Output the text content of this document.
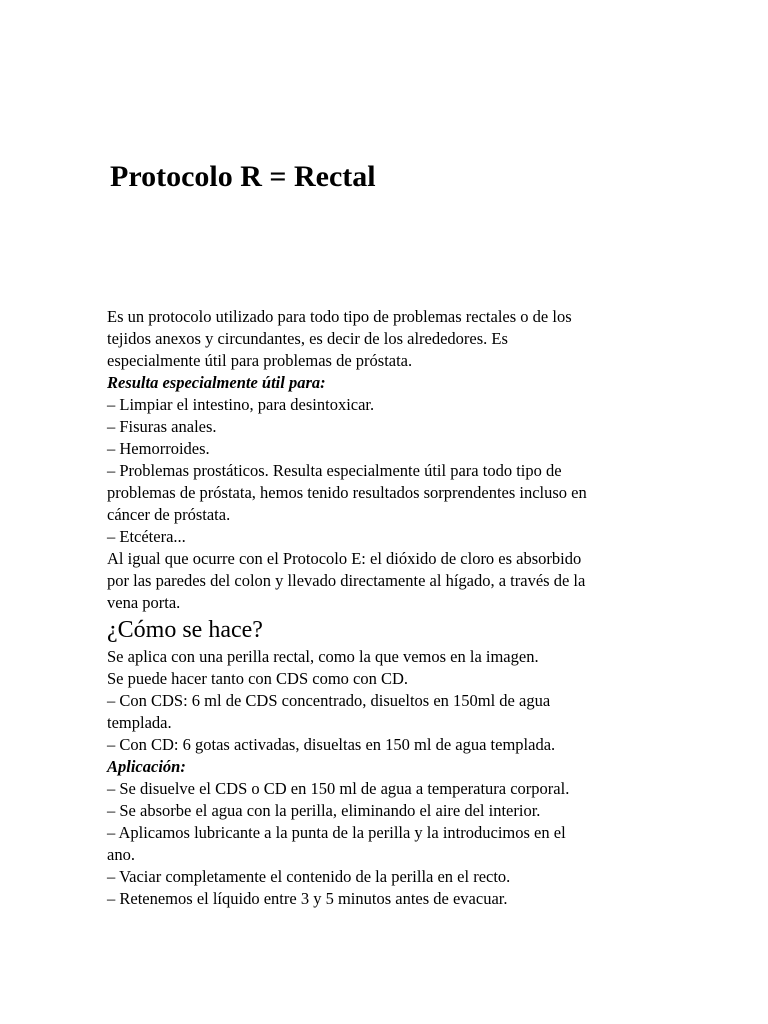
Protocolo R = Rectal
Es un protocolo utilizado para todo tipo de problemas rectales o de los
tejidos anexos y circundantes, es decir de los alrededores. Es
especialmente útil para problemas de próstata.
Resulta especialmente útil para:
– Limpiar el intestino, para desintoxicar.
– Fisuras anales.
– Hemorroides.
– Problemas prostáticos. Resulta especialmente útil para todo tipo de
problemas de próstata, hemos tenido resultados sorprendentes incluso en
cáncer de próstata.
– Etcétera...
Al igual que ocurre con el Protocolo E: el dióxido de cloro es absorbido
por las paredes del colon y llevado directamente al hígado, a través de la
vena porta.
¿Cómo se hace?
Se aplica con una perilla rectal, como la que vemos en la imagen.
Se puede hacer tanto con CDS como con CD.
– Con CDS: 6 ml de CDS concentrado, disueltos en 150ml de agua
templada.
– Con CD: 6 gotas activadas, disueltas en 150 ml de agua templada.
Aplicación:
– Se disuelve el CDS o CD en 150 ml de agua a temperatura corporal.
– Se absorbe el agua con la perilla, eliminando el aire del interior.
– Aplicamos lubricante a la punta de la perilla y la introducimos en el
ano.
– Vaciar completamente el contenido de la perilla en el recto.
– Retenemos el líquido entre 3 y 5 minutos antes de evacuar.
